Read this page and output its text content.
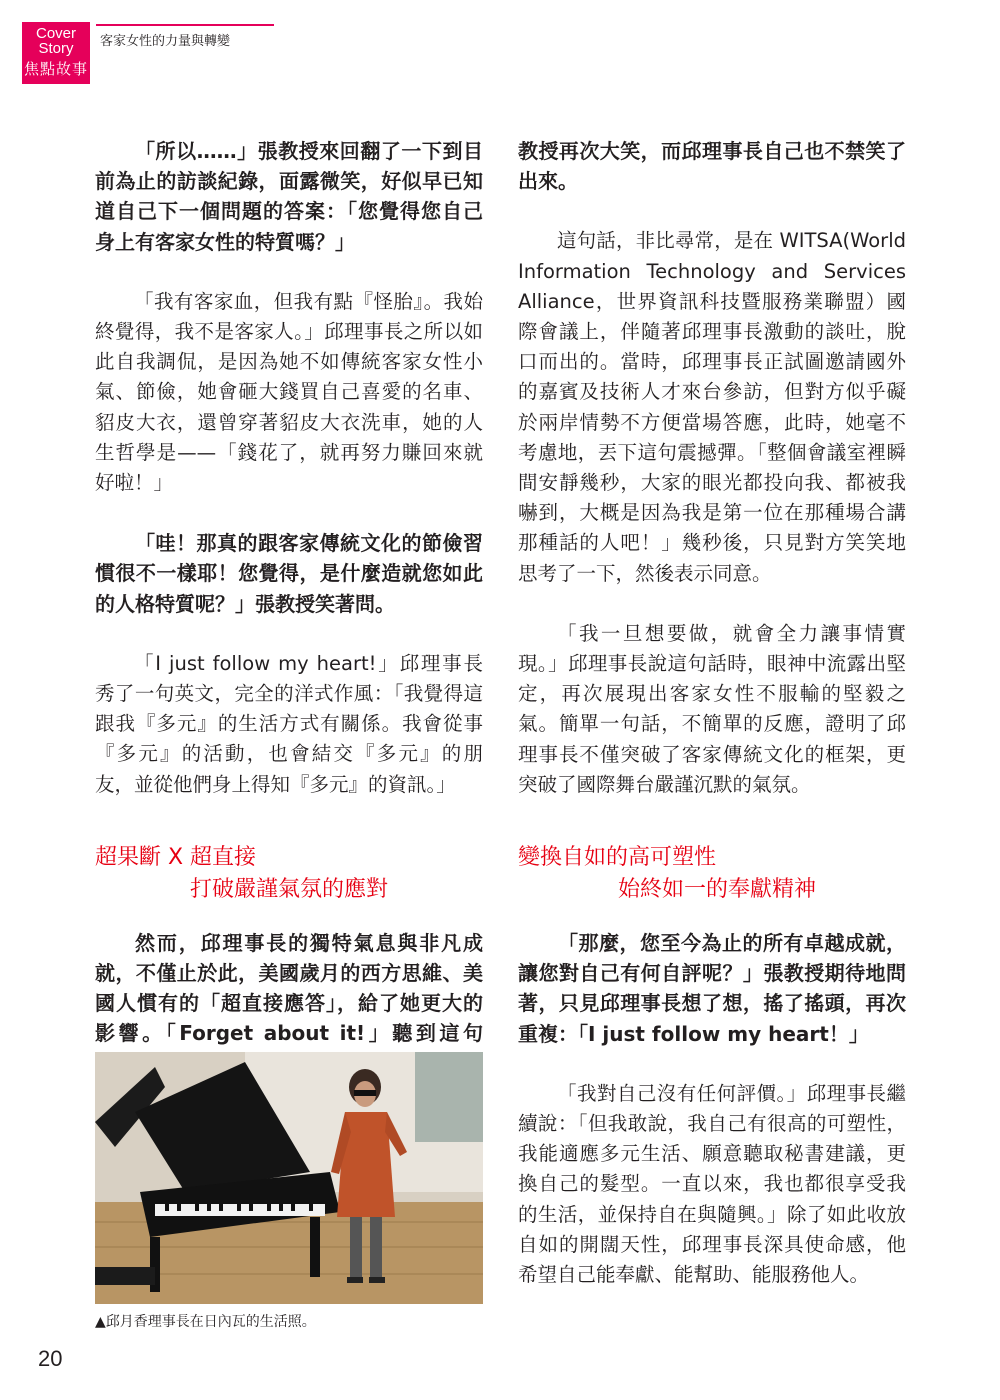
Cover
Story
焦點故事
客家女性的力量與轉變

「所以……」張教授來回翻了一下到目前為止的訪談紀錄，面露微笑，好似早已知道自己下一個問題的答案：「您覺得您自己身上有客家女性的特質嗎？」

「我有客家血，但我有點『怪胎』。我始終覺得，我不是客家人。」邱理事長之所以如此自我調侃，是因為她不如傳統客家女性小氣、節儉，她會砸大錢買自己喜愛的名車、貂皮大衣，還曾穿著貂皮大衣洗車，她的人生哲學是——「錢花了，就再努力賺回來就好啦！」

「哇！那真的跟客家傳統文化的節儉習慣很不一樣耶！您覺得，是什麼造就您如此的人格特質呢？」張教授笑著問。

「I just follow my heart!」邱理事長秀了一句英文，完全的洋式作風：「我覺得這跟我『多元』的生活方式有關係。我會從事『多元』的活動，也會結交『多元』的朋友，並從他們身上得知『多元』的資訊。」

超果斷 X 超直接
打破嚴謹氣氛的應對

然而，邱理事長的獨特氣息與非凡成就，不僅止於此，美國歲月的西方思維、美國人慣有的「超直接應答」，給了她更大的影響。「Forget about it!」聽到這句

教授再次大笑，而邱理事長自己也不禁笑了出來。

這句話，非比尋常，是在 WITSA(World Information Technology and Services Alliance，世界資訊科技暨服務業聯盟）國際會議上，伴隨著邱理事長激動的談吐，脫口而出的。當時，邱理事長正試圖邀請國外的嘉賓及技術人才來台參訪，但對方似乎礙於兩岸情勢不方便當場答應，此時，她毫不考慮地，丟下這句震撼彈。「整個會議室裡瞬間安靜幾秒，大家的眼光都投向我、都被我嚇到，大概是因為我是第一位在那種場合講那種話的人吧！」幾秒後，只見對方笑笑地思考了一下，然後表示同意。

「我一旦想要做，就會全力讓事情實現。」邱理事長說這句話時，眼神中流露出堅定，再次展現出客家女性不服輸的堅毅之氣。簡單一句話，不簡單的反應，證明了邱理事長不僅突破了客家傳統文化的框架，更突破了國際舞台嚴謹沉默的氣氛。

變換自如的高可塑性
始終如一的奉獻精神

「那麼，您至今為止的所有卓越成就，讓您對自己有何自評呢？」張教授期待地問著，只見邱理事長想了想，搖了搖頭，再次重複：「I just follow my heart！」

「我對自己沒有任何評價。」邱理事長繼續說：「但我敢說，我自己有很高的可塑性，我能適應多元生活、願意聽取秘書建議，更換自己的髮型。一直以來，我也都很享受我的生活，並保持自在與隨興。」除了如此收放自如的開闊天性，邱理事長深具使命感，他希望自己能奉獻、能幫助、能服務他人。

▲邱月香理事長在日內瓦的生活照。
20
